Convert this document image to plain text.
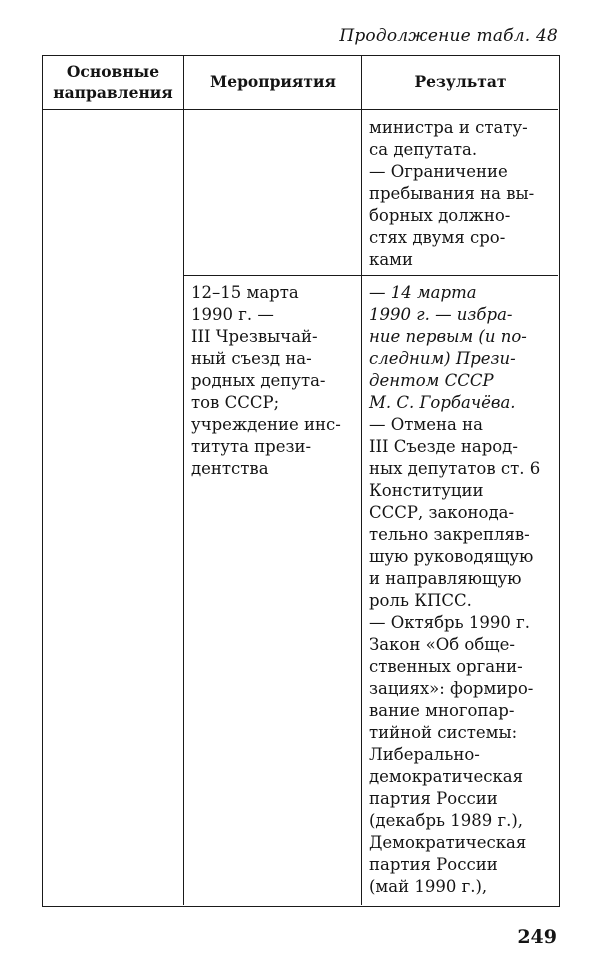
Продолжение табл. 48
Основные
направления
Мероприятия	Результат
министра и стату-
са депутата.
— Ограничение
пребывания на вы-
борных должно-
стях двумя сро-
ками
12–15 марта
1990 г. —
III Чрезвычай-
ный съезд на-
родных депута-
тов СССР;
учреждение инс-
титута прези-
дентства
— 14 марта
1990 г. — избра-
ние первым (и по-
следним) Прези-
дентом СССР
М. С. Горбачёва.
— Отмена на
III Съезде народ-
ных депутатов ст. 6
Конституции
СССР, законода-
тельно закрепляв-
шую руководящую
и направляющую
роль КПСС.
— Октябрь 1990 г.
Закон «Об обще-
ственных органи-
зациях»: формиро-
вание многопар-
тийной системы:
Либерально-
демократическая
партия России
(декабрь 1989 г.),
Демократическая
партия России
(май 1990 г.),
249
